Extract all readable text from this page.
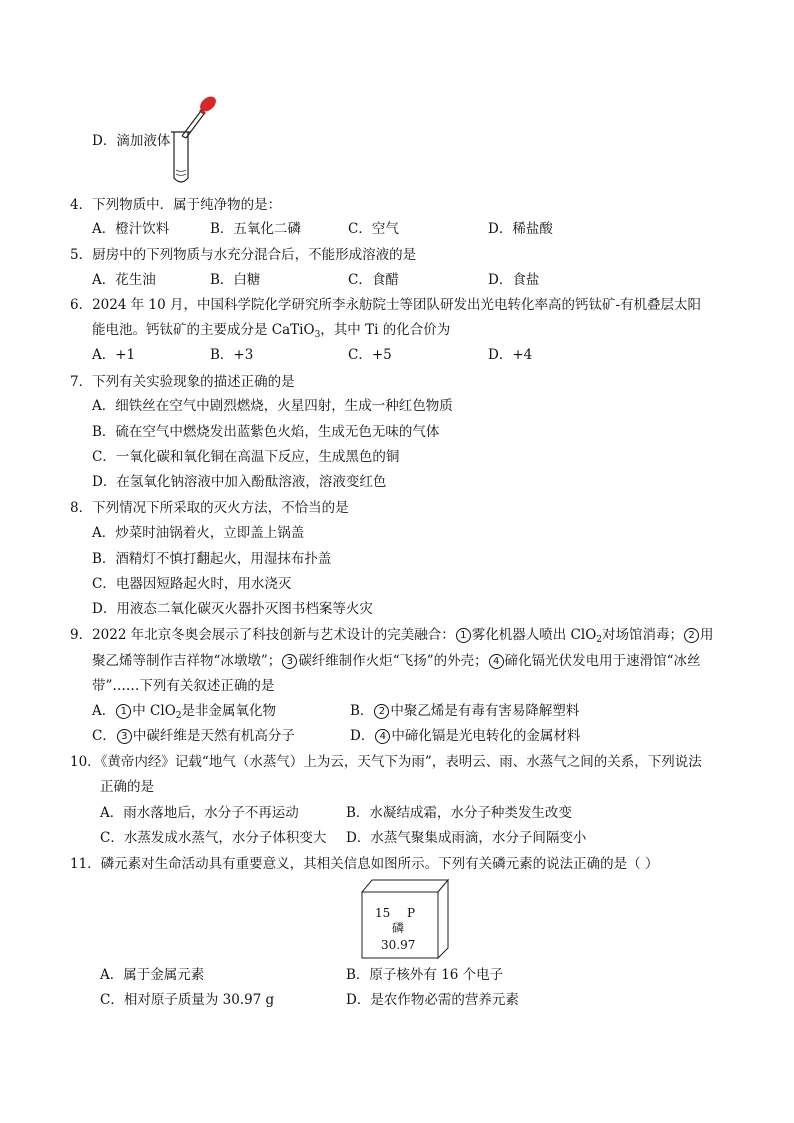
D．滴加液体
4．下列物质中．属于纯净物的是：
A．橙汁饮料	B．五氧化二磷	C．空气	D．稀盐酸
5．厨房中的下列物质与水充分混合后，不能形成溶液的是
A．花生油	B．白糖	C．食醋	D．食盐
6．2024 年 10 月，中国科学院化学研究所李永舫院士等团队研发出光电转化率高的钙钛矿-有机叠层太阳
能电池。钙钛矿的主要成分是 CaTiO$_3$，其中 Ti 的化合价为
A．+1	B．+3	C．+5	D．+4
7．下列有关实验现象的描述正确的是
A．细铁丝在空气中剧烈燃烧，火星四射，生成一种红色物质
B．硫在空气中燃烧发出蓝紫色火焰，生成无色无味的气体
C．一氧化碳和氧化铜在高温下反应，生成黑色的铜
D．在氢氧化钠溶液中加入酚酞溶液，溶液变红色
8．下列情况下所采取的灭火方法，不恰当的是
A．炒菜时油锅着火，立即盖上锅盖
B．酒精灯不慎打翻起火，用湿抹布扑盖
C．电器因短路起火时，用水浇灭
D．用液态二氧化碳灭火器扑灭图书档案等火灾
9．2022 年北京冬奥会展示了科技创新与艺术设计的完美融合： 1 雾化机器人喷出 ClO$_2$对场馆消毒； 2 用
聚乙烯等制作吉祥物“冰墩墩”； 3 碳纤维制作火炬“飞扬”的外壳； 4 碲化镉光伏发电用于速滑馆“冰丝
带”……下列有关叙述正确的是
A． 1 中 ClO$_2$是非金属氧化物	B． 2 中聚乙烯是有毒有害易降解塑料
C． 3 中碳纤维是天然有机高分子	D． 4 中碲化镉是光电转化的金属材料
10．《黄帝内经》记载“地气（水蒸气）上为云，天气下为雨”，表明云、雨、水蒸气之间的关系，下列说法
正确的是
A．雨水落地后，水分子不再运动	B．水凝结成霜，水分子种类发生改变
C．水蒸发成水蒸气，水分子体积变大 D．水蒸气聚集成雨滴，水分子间隔变小
11．磷元素对生命活动具有重要意义，其相关信息如图所示。下列有关磷元素的说法正确的是（ ）
15 P
磷
30.97
A．属于金属元素	B．原子核外有 16 个电子
C．相对原子质量为 30.97 g	D．是农作物必需的营养元素
